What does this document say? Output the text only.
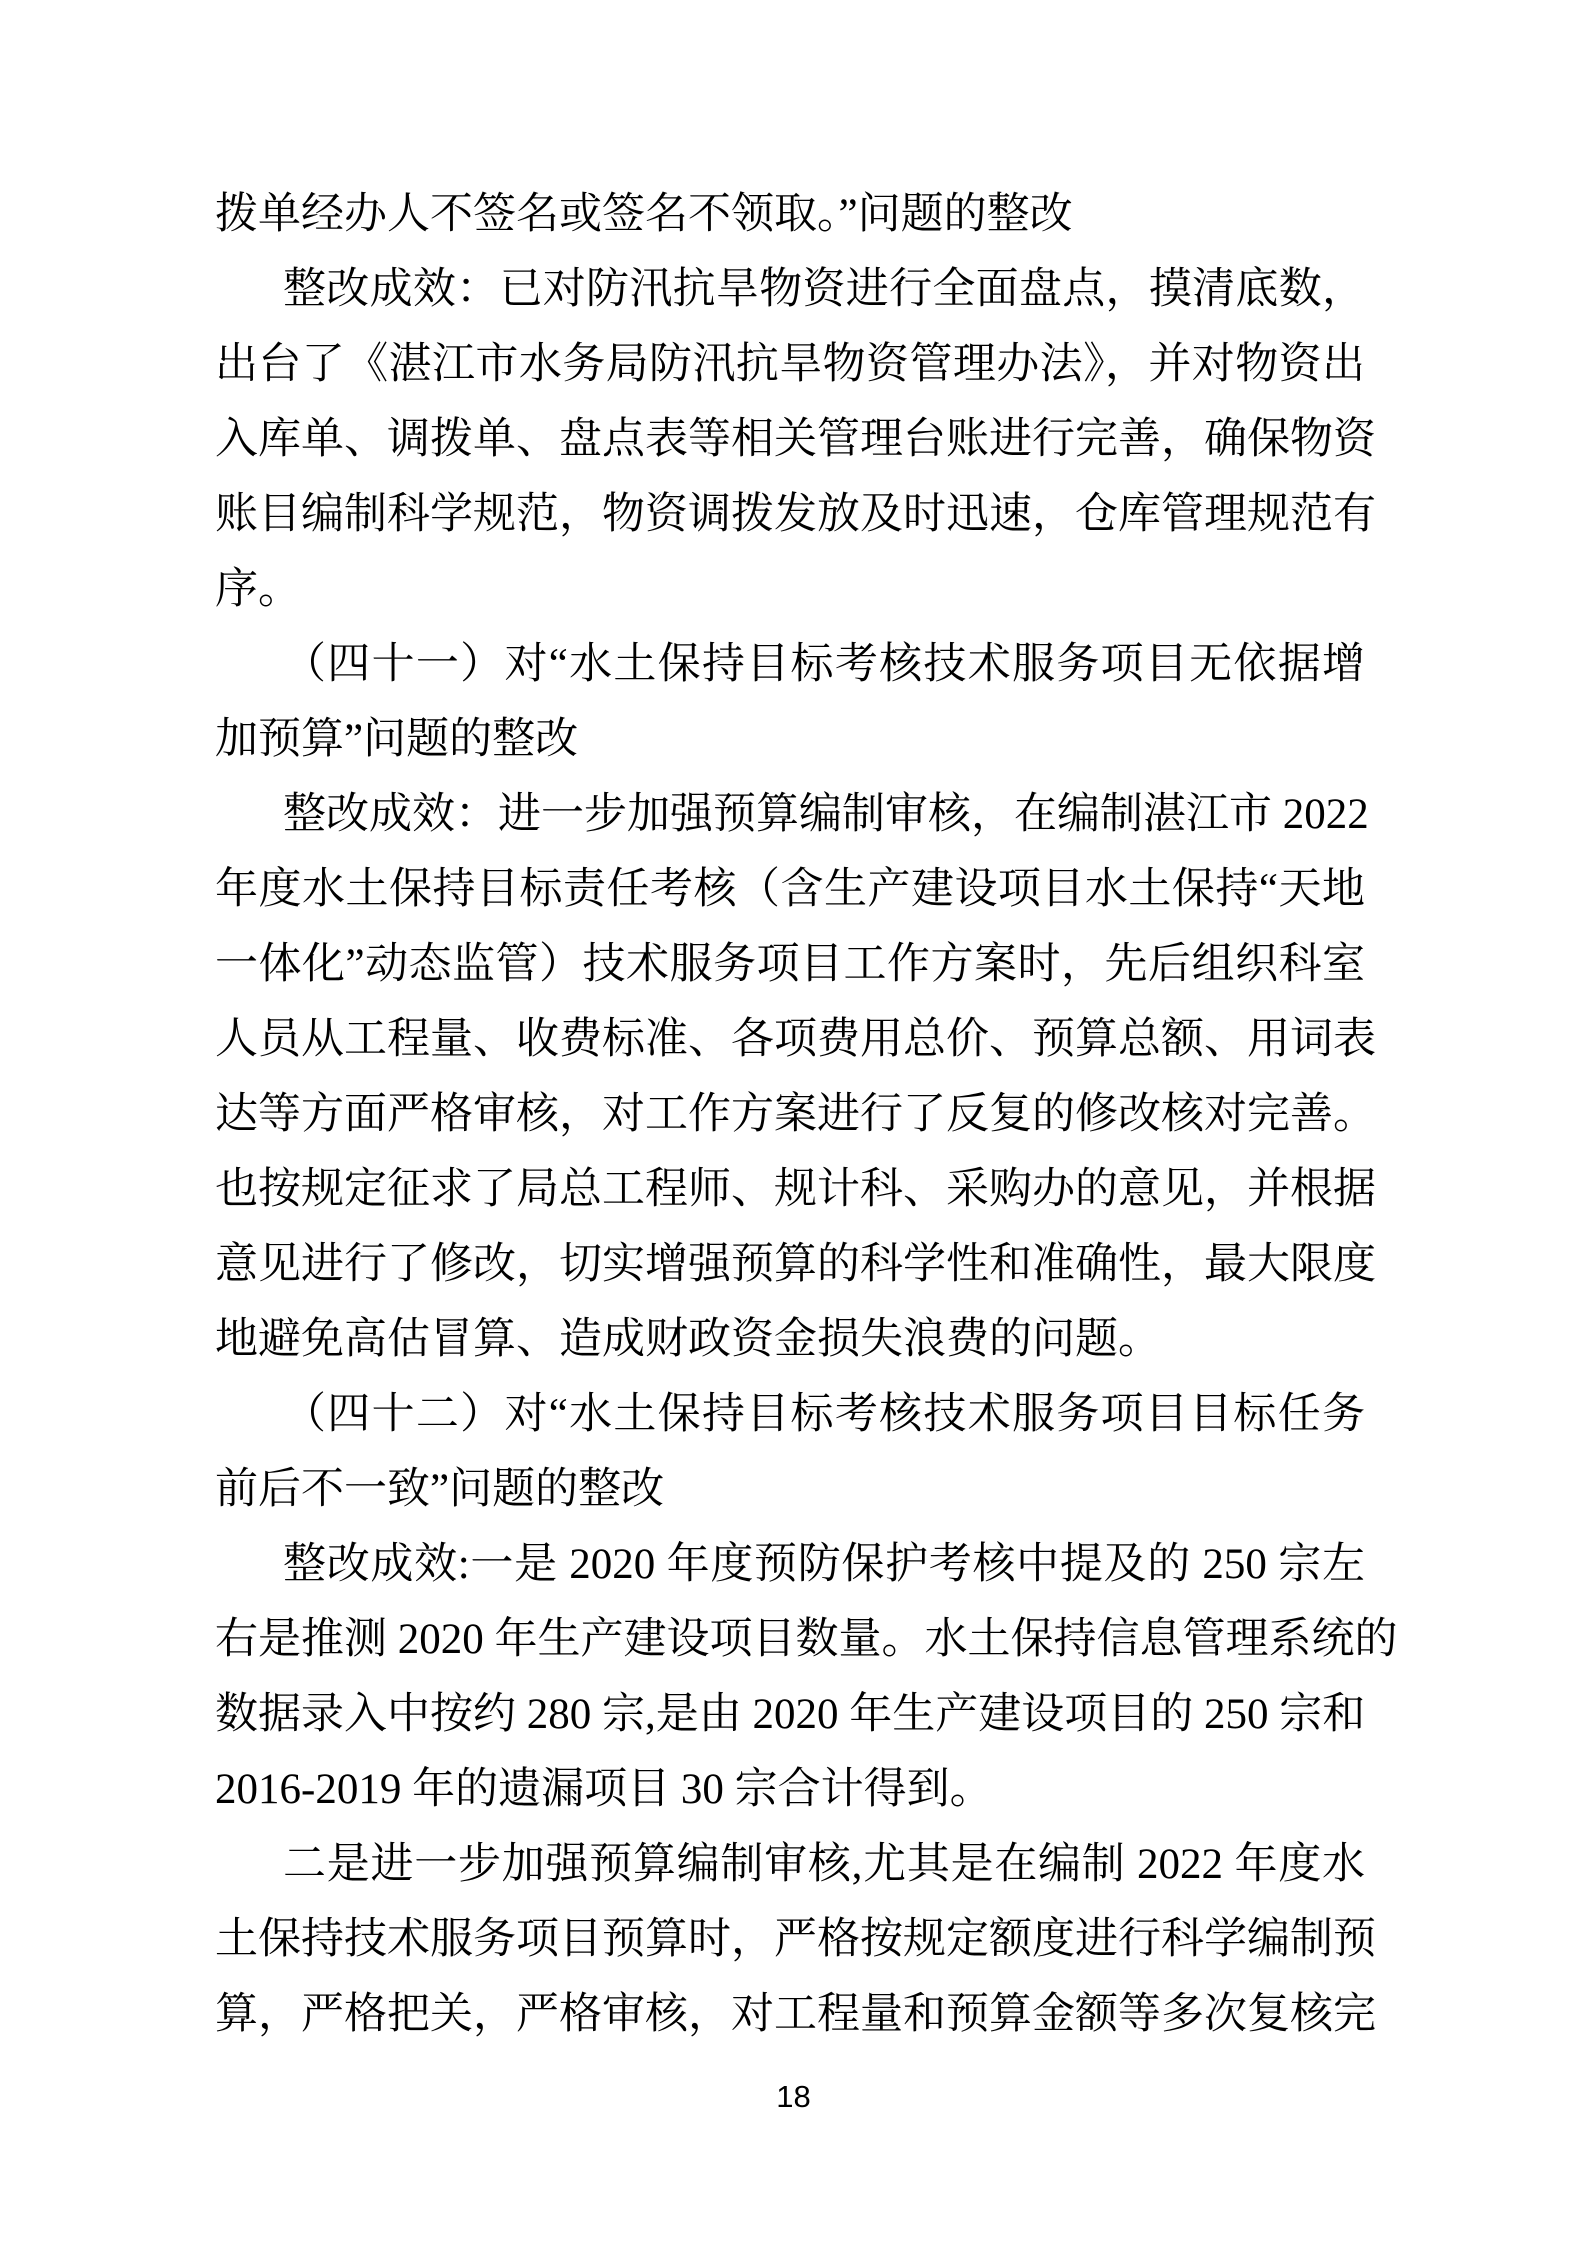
拨单经办人不签名或签名不领取。”问题的整改
整改成效：已对防汛抗旱物资进行全面盘点，摸清底数，
出台了《湛江市水务局防汛抗旱物资管理办法》，并对物资出
入库单、调拨单、盘点表等相关管理台账进行完善，确保物资
账目编制科学规范，物资调拨发放及时迅速，仓库管理规范有
序。
（四十一）对“水土保持目标考核技术服务项目无依据增
加预算”问题的整改
整改成效：进一步加强预算编制审核，在编制湛江市 2022
年度水土保持目标责任考核（含生产建设项目水土保持“天地
一体化”动态监管）技术服务项目工作方案时，先后组织科室
人员从工程量、收费标准、各项费用总价、预算总额、用词表
达等方面严格审核，对工作方案进行了反复的修改核对完善。
也按规定征求了局总工程师、规计科、采购办的意见，并根据
意见进行了修改，切实增强预算的科学性和准确性，最大限度
地避免高估冒算、造成财政资金损失浪费的问题。
（四十二）对“水土保持目标考核技术服务项目目标任务
前后不一致”问题的整改
整改成效:一是 2020 年度预防保护考核中提及的 250 宗左
右是推测 2020 年生产建设项目数量。水土保持信息管理系统的
数据录入中按约 280 宗,是由 2020 年生产建设项目的 250 宗和
2016-2019 年的遗漏项目 30 宗合计得到。
二是进一步加强预算编制审核,尤其是在编制 2022 年度水
土保持技术服务项目预算时，严格按规定额度进行科学编制预
算，严格把关，严格审核，对工程量和预算金额等多次复核完
18
